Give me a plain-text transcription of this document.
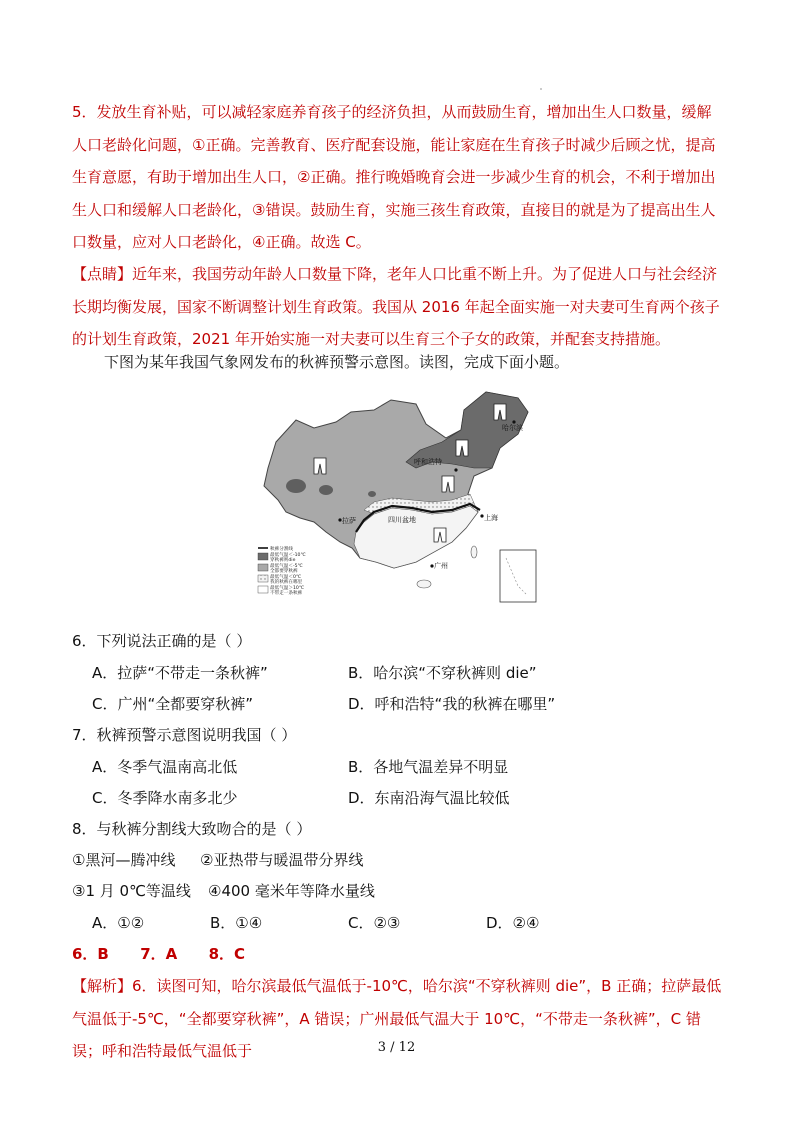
5．发放生育补贴，可以减轻家庭养育孩子的经济负担，从而鼓励生育，增加出生人口数量，缓解人口老龄化问题，①正确。完善教育、医疗配套设施，能让家庭在生育孩子时减少后顾之忧，提高生育意愿，有助于增加出生人口，②正确。推行晚婚晚育会进一步减少生育的机会，不利于增加出生人口和缓解人口老龄化，③错误。鼓励生育，实施三孩生育政策，直接目的就是为了提高出生人口数量，应对人口老龄化，④正确。故选 C。
【点睛】近年来，我国劳动年龄人口数量下降，老年人口比重不断上升。为了促进人口与社会经济长期均衡发展，国家不断调整计划生育政策。我国从 2016 年起全面实施一对夫妻可生育两个孩子的计划生育政策，2021 年开始实施一对夫妻可以生育三个子女的政策，并配套支持措施。
下图为某年我国气象网发布的秋裤预警示意图。读图，完成下面小题。
哈尔滨
呼和浩特
拉萨	四川盆地	上海
广州
秋裤分割线
最低气温＜-10℃
穿秋裤则die
最低气温＜-5℃
全都要穿秋裤
最低气温＜0℃
我的秋裤在哪里
最低气温＞10℃
不带走一条秋裤
6．下列说法正确的是（ ）
A．拉萨“不带走一条秋裤”	B．哈尔滨“不穿秋裤则 die”
C．广州“全都要穿秋裤”	D．呼和浩特“我的秋裤在哪里”
7．秋裤预警示意图说明我国（ ）
A．冬季气温南高北低	B．各地气温差异不明显
C．冬季降水南多北少	D．东南沿海气温比较低
8．与秋裤分割线大致吻合的是（ ）
①黑河—腾冲线 ②亚热带与暖温带分界线
③1 月 0℃等温线 ④400 毫米年等降水量线
A．①②	B．①④	C．②③	D．②④
6．B      7．A      8．C
【解析】6．读图可知，哈尔滨最低气温低于-10℃，哈尔滨“不穿秋裤则 die”，B 正确；拉萨最低气温低于-5℃，“全都要穿秋裤”，A 错误；广州最低气温大于 10℃，“不带走一条秋裤”，C 错误；呼和浩特最低气温低于	3 / 12
